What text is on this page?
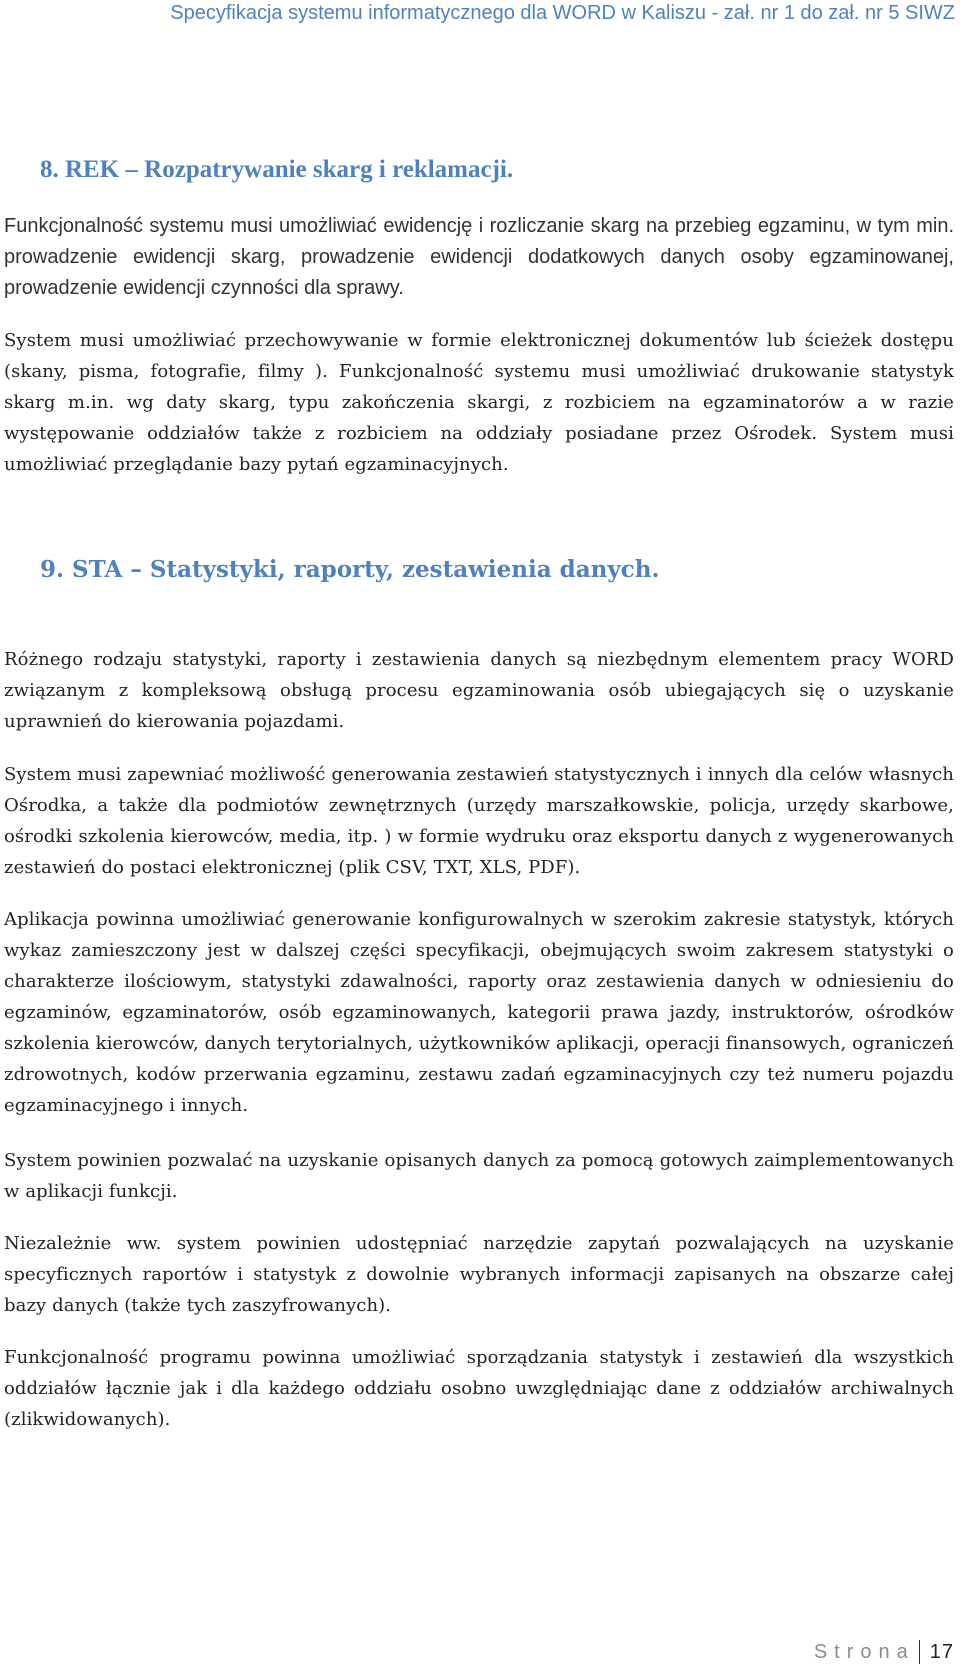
Specyfikacja systemu informatycznego dla WORD w Kaliszu - zał. nr 1 do zał. nr 5 SIWZ
8. REK – Rozpatrywanie skarg i reklamacji.
Funkcjonalność systemu musi umożliwiać ewidencję i rozliczanie skarg na przebieg egzaminu, w tym min. prowadzenie ewidencji skarg, prowadzenie ewidencji dodatkowych danych osoby egzaminowanej, prowadzenie ewidencji czynności dla sprawy.
System musi umożliwiać przechowywanie w formie elektronicznej dokumentów lub ścieżek dostępu (skany, pisma, fotografie, filmy ). Funkcjonalność systemu musi umożliwiać drukowanie statystyk skarg m.in. wg daty skarg, typu zakończenia skargi, z rozbiciem na egzaminatorów a w razie występowanie oddziałów także z rozbiciem na oddziały posiadane przez Ośrodek. System musi umożliwiać przeglądanie bazy pytań egzaminacyjnych.
9. STA – Statystyki, raporty, zestawienia danych.
Różnego rodzaju statystyki, raporty i zestawienia danych są niezbędnym elementem pracy WORD związanym z kompleksową obsługą procesu egzaminowania osób ubiegających się o uzyskanie uprawnień do kierowania pojazdami.
System musi zapewniać możliwość generowania zestawień statystycznych i innych dla celów własnych Ośrodka, a także dla podmiotów zewnętrznych (urzędy marszałkowskie, policja, urzędy skarbowe, ośrodki szkolenia kierowców, media, itp. ) w formie wydruku oraz eksportu danych z wygenerowanych zestawień do postaci elektronicznej (plik CSV, TXT, XLS, PDF).
Aplikacja powinna umożliwiać generowanie konfigurowalnych w szerokim zakresie statystyk, których wykaz zamieszczony jest w dalszej części specyfikacji, obejmujących swoim zakresem statystyki o charakterze ilościowym, statystyki zdawalności, raporty oraz zestawienia danych w odniesieniu do egzaminów, egzaminatorów, osób egzaminowanych, kategorii prawa jazdy, instruktorów, ośrodków szkolenia kierowców, danych terytorialnych, użytkowników aplikacji, operacji finansowych, ograniczeń zdrowotnych, kodów przerwania egzaminu, zestawu zadań egzaminacyjnych czy też numeru pojazdu egzaminacyjnego i innych.
System powinien pozwalać na uzyskanie opisanych danych za pomocą gotowych zaimplementowanych w aplikacji funkcji.
Niezależnie ww. system powinien udostępniać narzędzie zapytań pozwalających na uzyskanie specyficznych raportów i statystyk z dowolnie wybranych informacji zapisanych na obszarze całej bazy danych (także tych zaszyfrowanych).
Funkcjonalność programu powinna umożliwiać sporządzania statystyk i zestawień dla wszystkich oddziałów łącznie jak i dla każdego oddziału osobno uwzględniając dane z oddziałów archiwalnych (zlikwidowanych).
Strona 17
